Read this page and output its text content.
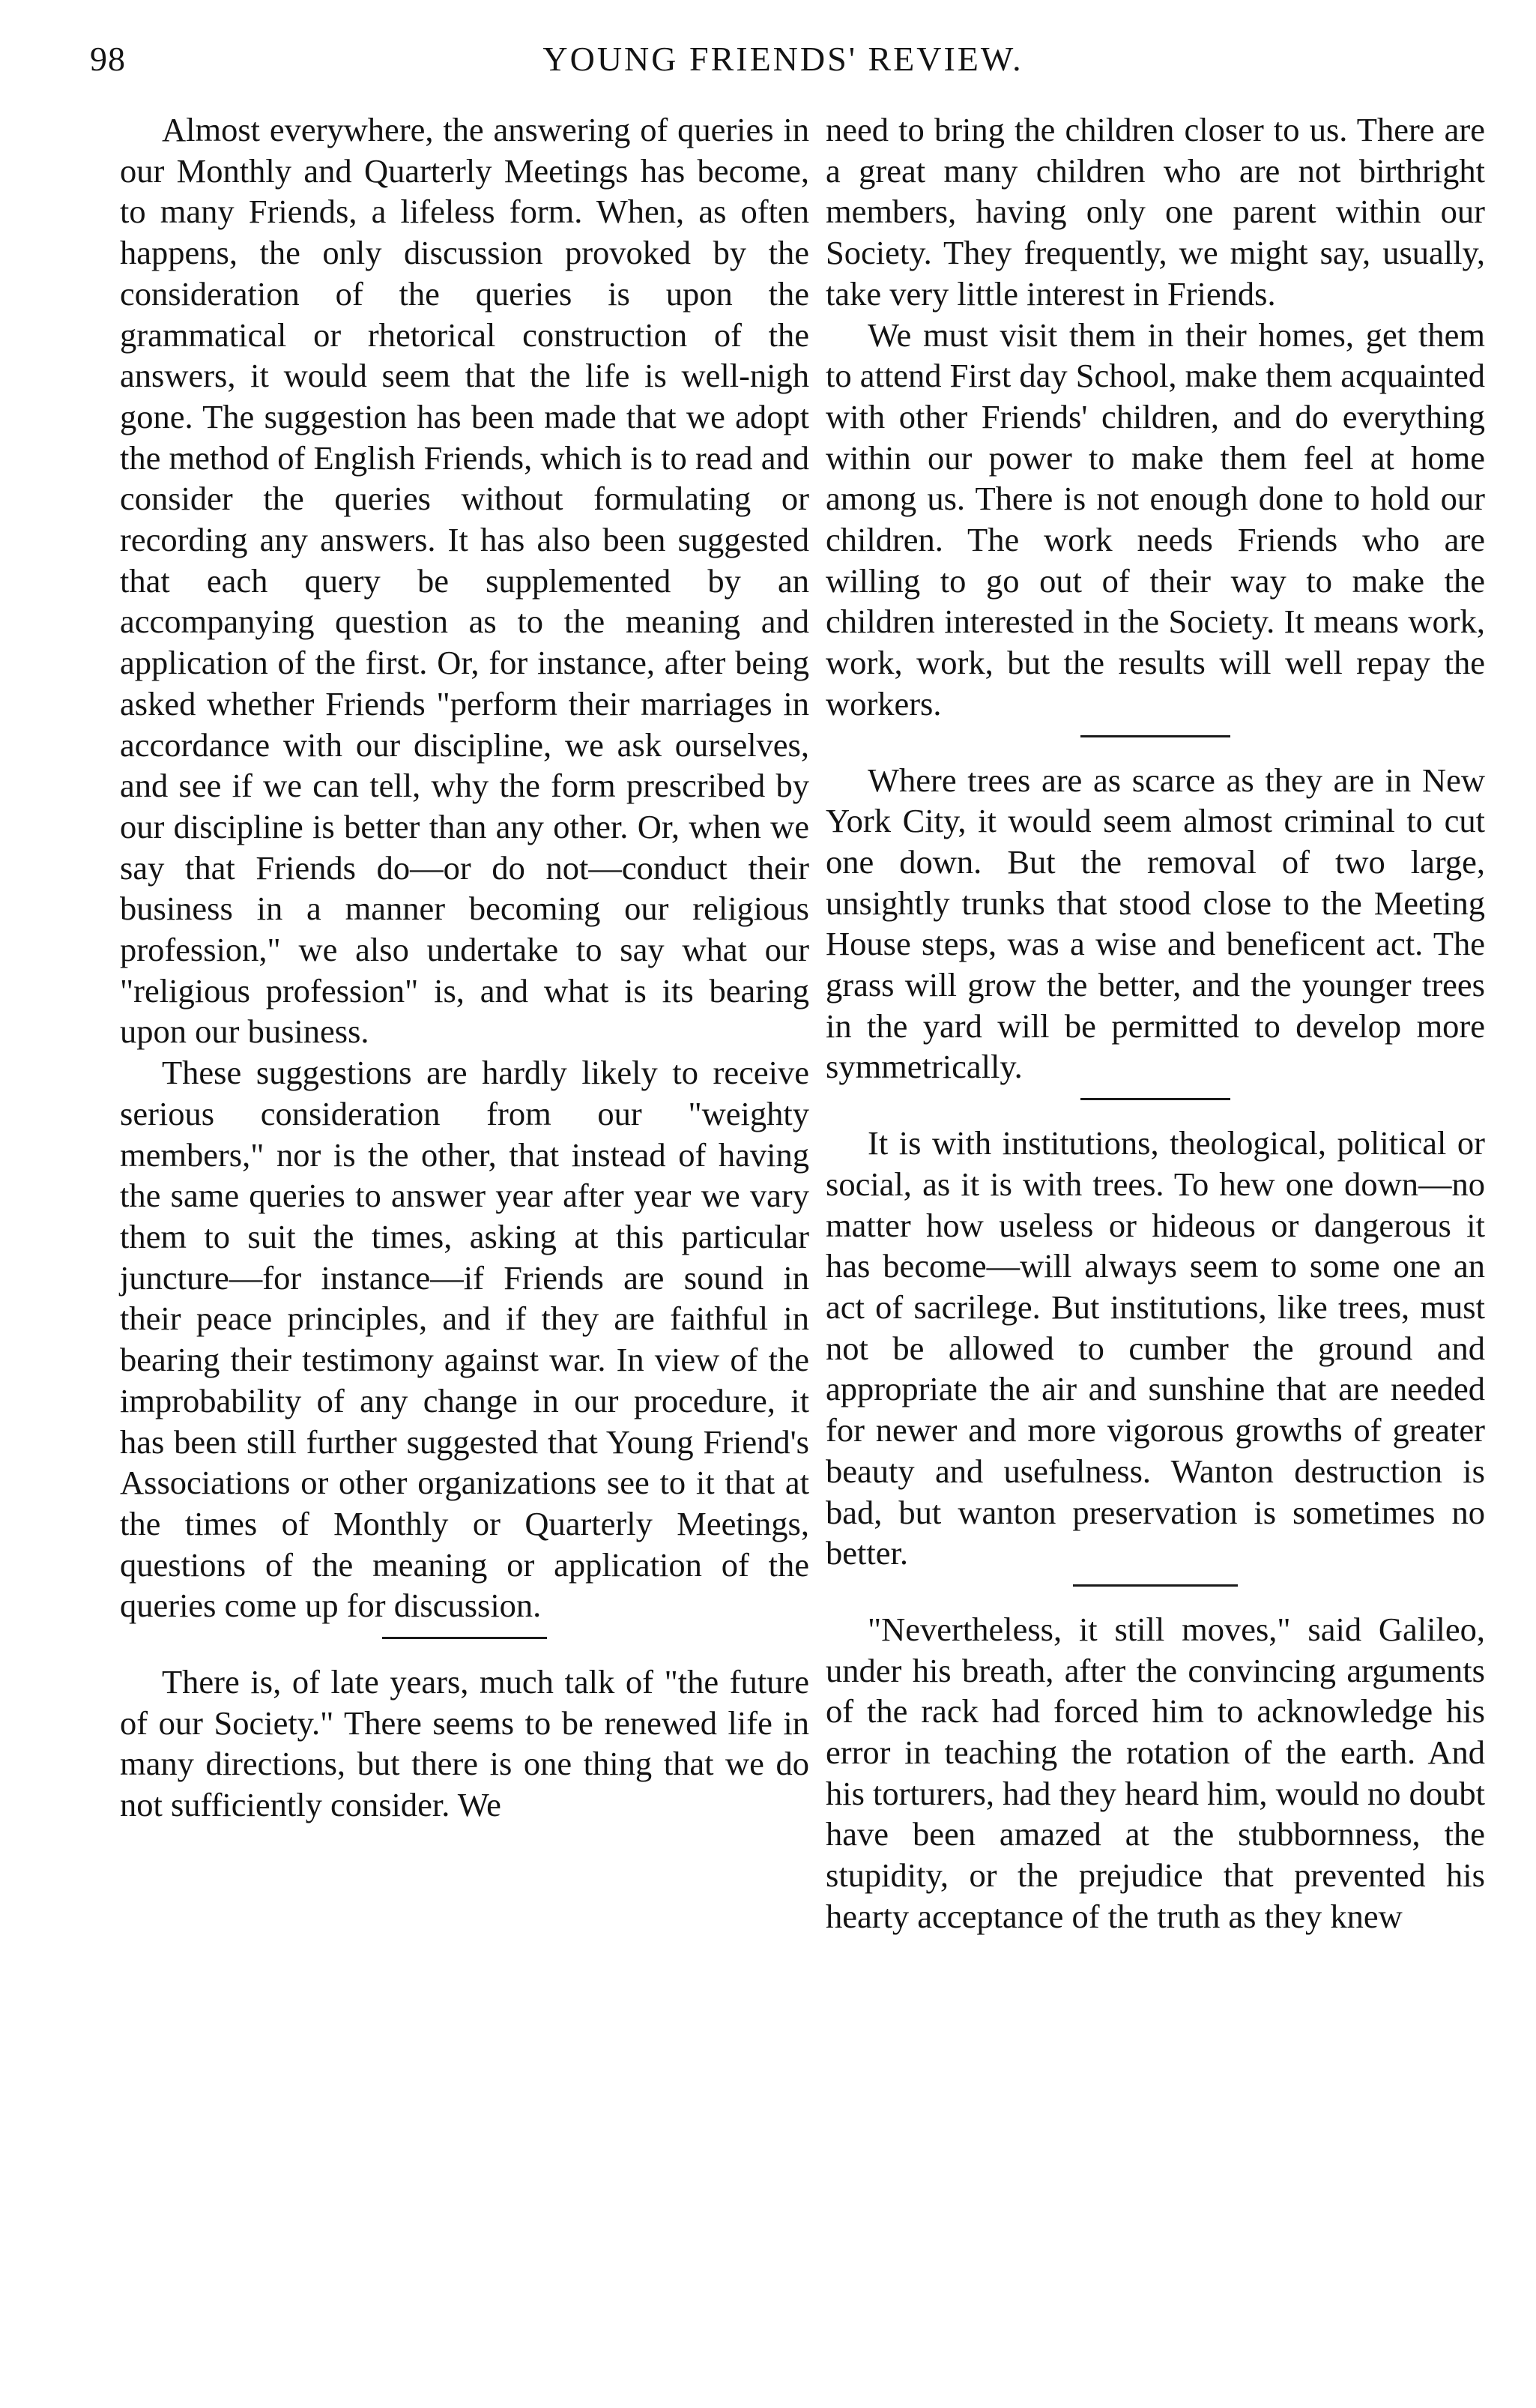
98	YOUNG FRIENDS' REVIEW.

Almost everywhere, the answering of queries in our Monthly and Quarterly Meetings has become, to many Friends, a lifeless form. When, as often happens, the only discussion provoked by the consideration of the queries is upon the grammatical or rhetorical construction of the answers, it would seem that the life is well-nigh gone. The suggestion has been made that we adopt the method of English Friends, which is to read and consider the queries without formulating or recording any answers. It has also been suggested that each query be supplemented by an accompanying question as to the meaning and application of the first. Or, for instance, after being asked whether Friends "perform their marriages in accordance with our discipline, we ask ourselves, and see if we can tell, why the form prescribed by our discipline is better than any other. Or, when we say that Friends do—or do not—conduct their business in a manner becoming our religious profession," we also undertake to say what our "religious profession" is, and what is its bearing upon our business.

These suggestions are hardly likely to receive serious consideration from our "weighty members," nor is the other, that instead of having the same queries to answer year after year we vary them to suit the times, asking at this particular juncture—for instance—if Friends are sound in their peace principles, and if they are faithful in bearing their testimony against war. In view of the improbability of any change in our procedure, it has been still further suggested that Young Friend's Associations or other organizations see to it that at the times of Monthly or Quarterly Meetings, questions of the meaning or application of the queries come up for discussion.

There is, of late years, much talk of "the future of our Society." There seems to be renewed life in many directions, but there is one thing that we do not sufficiently consider. We

need to bring the children closer to us. There are a great many children who are not birthright members, having only one parent within our Society. They frequently, we might say, usually, take very little interest in Friends.

We must visit them in their homes, get them to attend First day School, make them acquainted with other Friends' children, and do everything within our power to make them feel at home among us. There is not enough done to hold our children. The work needs Friends who are willing to go out of their way to make the children interested in the Society. It means work, work, work, but the results will well repay the workers.

Where trees are as scarce as they are in New York City, it would seem almost criminal to cut one down. But the removal of two large, unsightly trunks that stood close to the Meeting House steps, was a wise and beneficent act. The grass will grow the better, and the younger trees in the yard will be permitted to develop more symmetrically.

It is with institutions, theological, political or social, as it is with trees. To hew one down—no matter how useless or hideous or dangerous it has become—will always seem to some one an act of sacrilege. But institutions, like trees, must not be allowed to cumber the ground and appropriate the air and sunshine that are needed for newer and more vigorous growths of greater beauty and usefulness. Wanton destruction is bad, but wanton preservation is sometimes no better.

"Nevertheless, it still moves," said Galileo, under his breath, after the convincing arguments of the rack had forced him to acknowledge his error in teaching the rotation of the earth. And his torturers, had they heard him, would no doubt have been amazed at the stubbornness, the stupidity, or the prejudice that prevented his hearty acceptance of the truth as they knew
